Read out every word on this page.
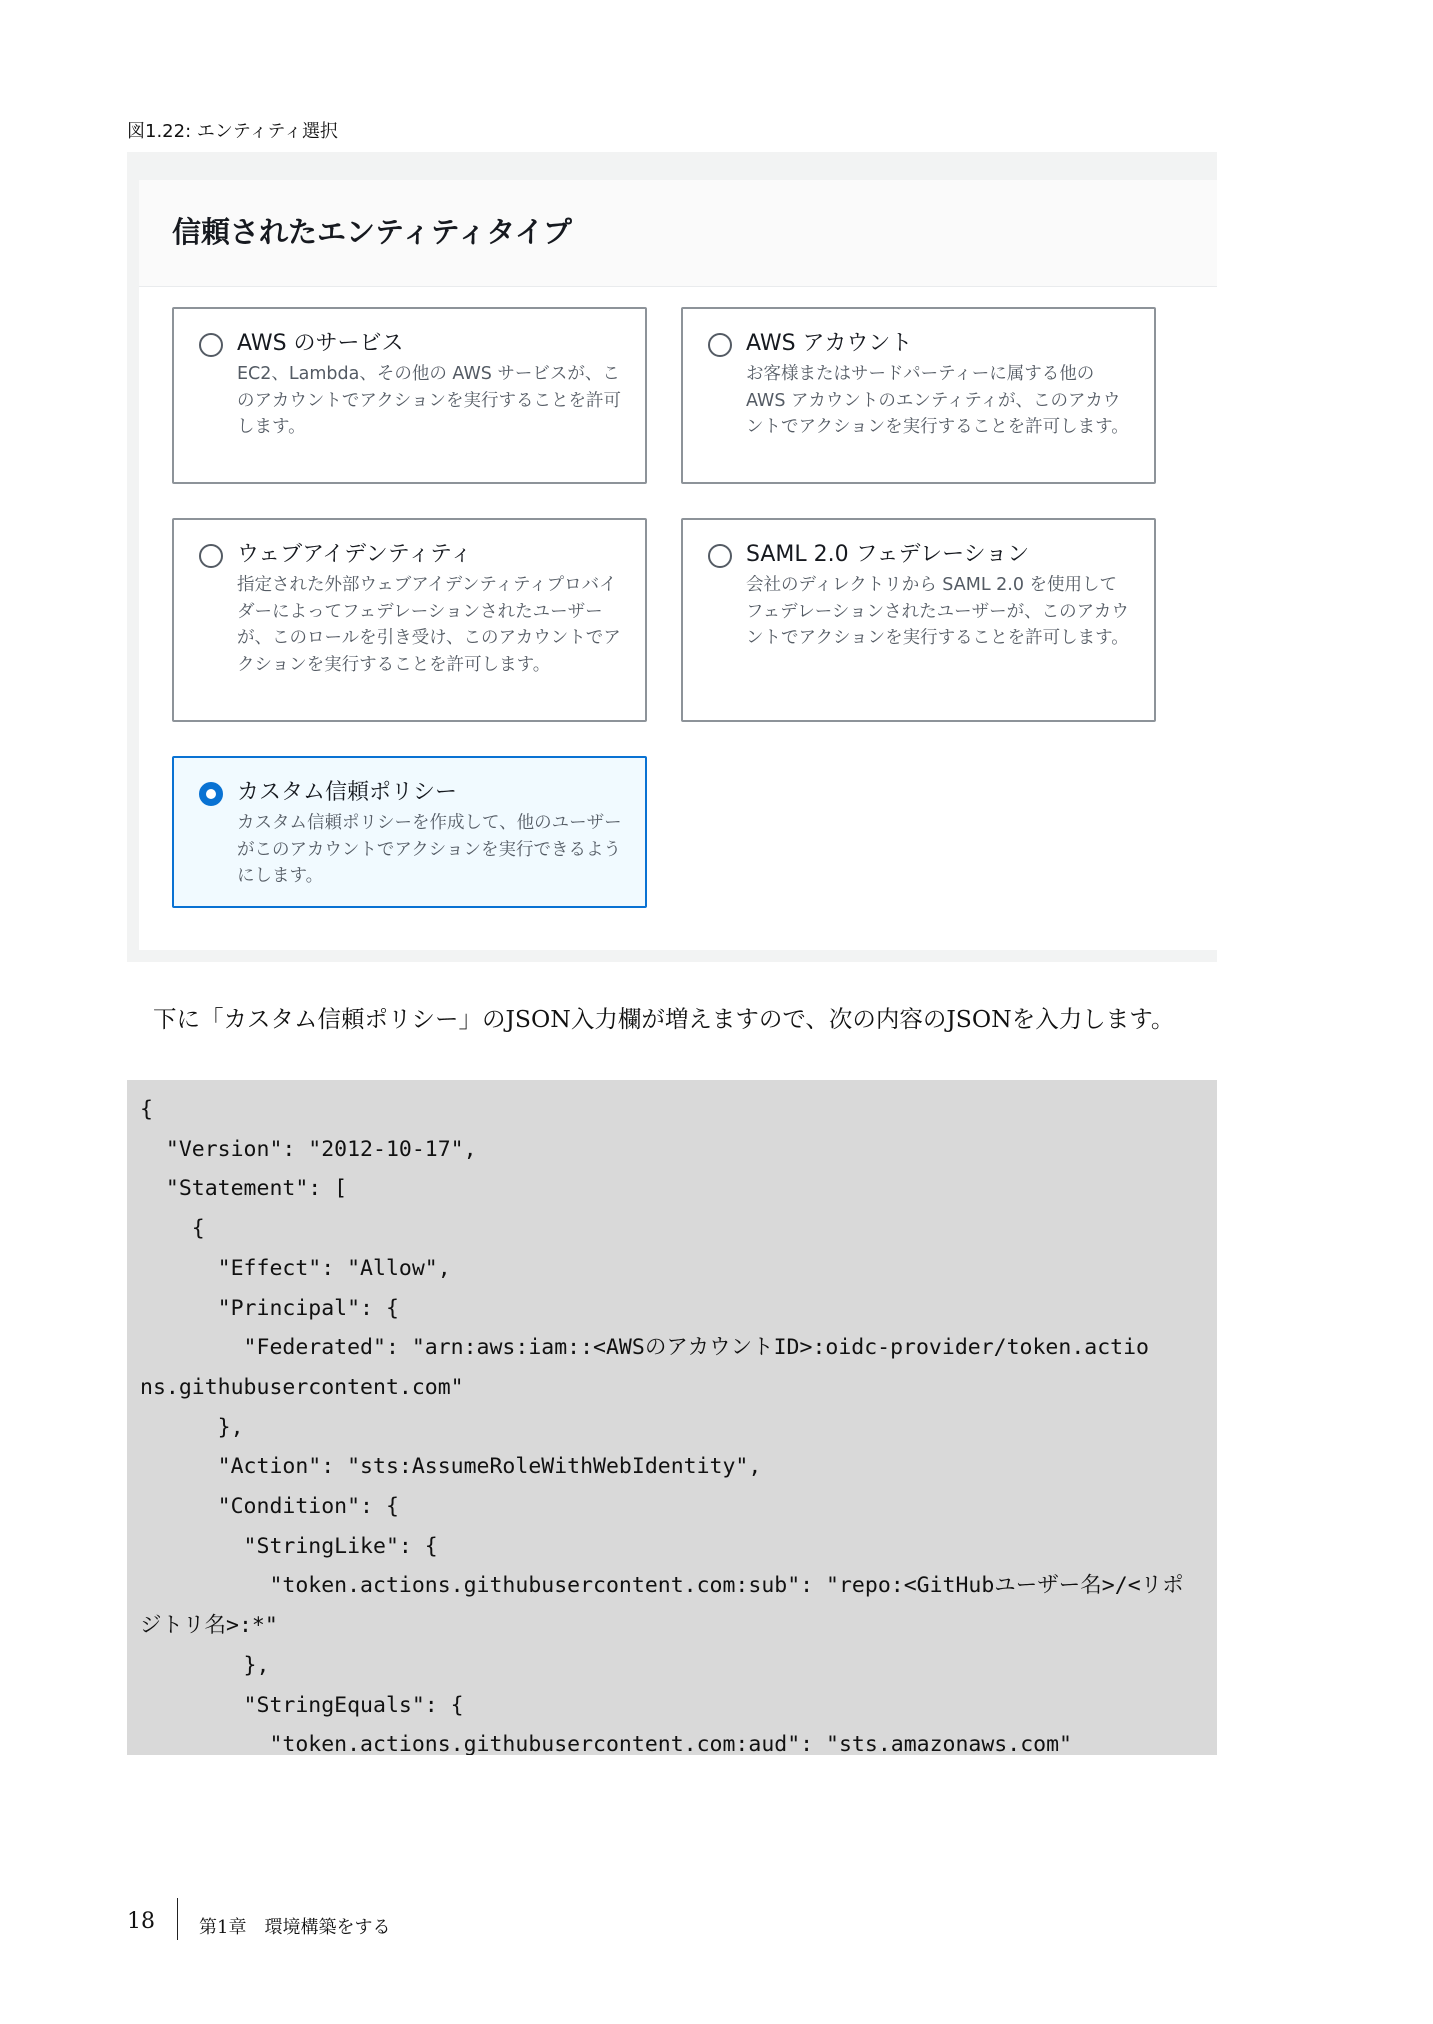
図1.22: エンティティ選択
信頼されたエンティティタイプ
AWS のサービス
EC2、Lambda、その他の AWS サービスが、このアカウントでアクションを実行することを許可します。
AWS アカウント
お客様またはサードパーティーに属する他の AWS アカウントのエンティティが、このアカウントでアクションを実行することを許可します。
ウェブアイデンティティ
指定された外部ウェブアイデンティティプロバイダーによってフェデレーションされたユーザーが、このロールを引き受け、このアカウントでアクションを実行することを許可します。
SAML 2.0 フェデレーション
会社のディレクトリから SAML 2.0 を使用してフェデレーションされたユーザーが、このアカウントでアクションを実行することを許可します。
カスタム信頼ポリシー
カスタム信頼ポリシーを作成して、他のユーザーがこのアカウントでアクションを実行できるようにします。
下に「カスタム信頼ポリシー」のJSON入力欄が増えますので、次の内容のJSONを入力します。
{
"Version": "2012-10-17",
"Statement": [
{
"Effect": "Allow",
"Principal": {
"Federated": "arn:aws:iam::<AWSのアカウントID>:oidc-provider/token.actio
ns.githubusercontent.com"
},
"Action": "sts:AssumeRoleWithWebIdentity",
"Condition": {
"StringLike": {
"token.actions.githubusercontent.com:sub": "repo:<GitHubユーザー名>/<リポ
ジトリ名>:*"
},
"StringEquals": {
"token.actions.githubusercontent.com:aud": "sts.amazonaws.com"
18 第1章　環境構築をする
